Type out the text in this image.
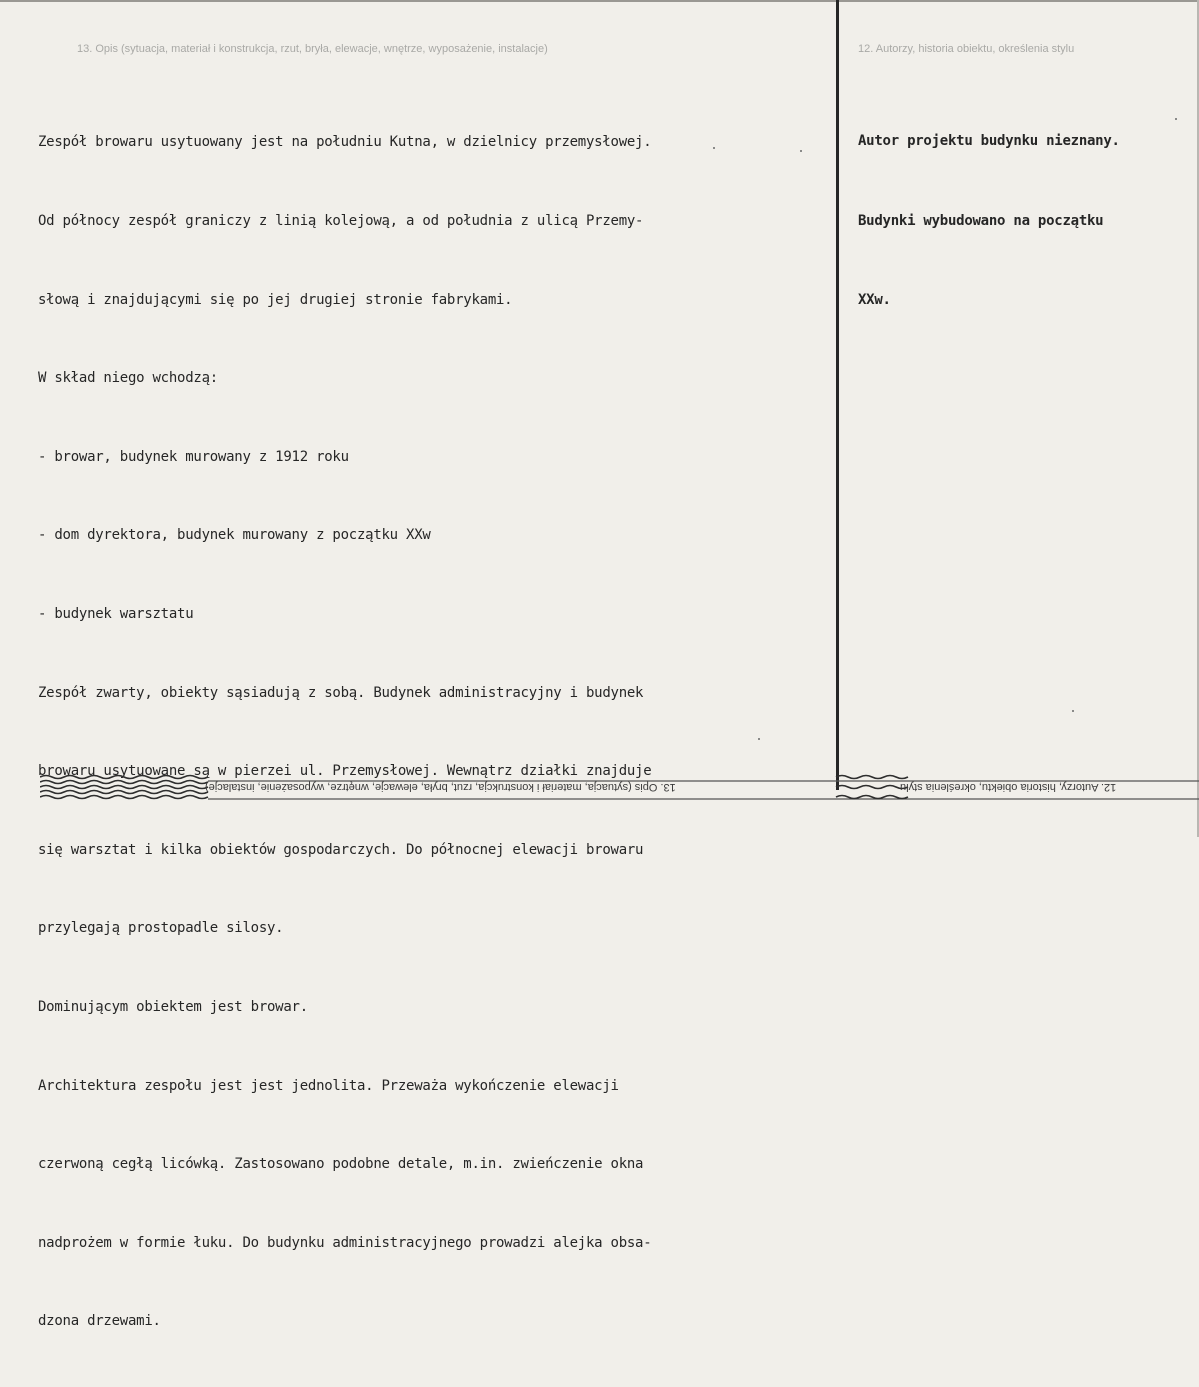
13. Opis (sytuacja, materiał i konstrukcja, rzut, bryła, elewacje, wnętrze, wyposażenie, instalacje)	12. Autorzy, historia obiektu, określenia stylu

Zespół browaru usytuowany jest na południu Kutna, w dzielnicy przemysłowej.

Od północy zespół graniczy z linią kolejową, a od południa z ulicą Przemy-

słową i znajdującymi się po jej drugiej stronie fabrykami.

W skład niego wchodzą:

- browar, budynek murowany z 1912 roku

- dom dyrektora, budynek murowany z początku XXw

- budynek warsztatu

Zespół zwarty, obiekty sąsiadują z sobą. Budynek administracyjny i budynek

browaru usytuowane są w pierzei ul. Przemysłowej. Wewnątrz działki znajduje

się warsztat i kilka obiektów gospodarczych. Do północnej elewacji browaru

przylegają prostopadle silosy.

Dominującym obiektem jest browar.

Architektura zespołu jest jest jednolita. Przeważa wykończenie elewacji

czerwoną cegłą licówką. Zastosowano podobne detale, m.in. zwieńczenie okna

nadprożem w formie łuku. Do budynku administracyjnego prowadzi alejka obsa-

dzona drzewami.

Autor projektu budynku nieznany.

Budynki wybudowano na początku

XXw.

13. Opis (sytuacja, materiał i konstrukcja, rzut, bryła, elewacje, wnętrze, wyposażenie, instalacje)	12. Autorzy, historia obiektu, określenia stylu
